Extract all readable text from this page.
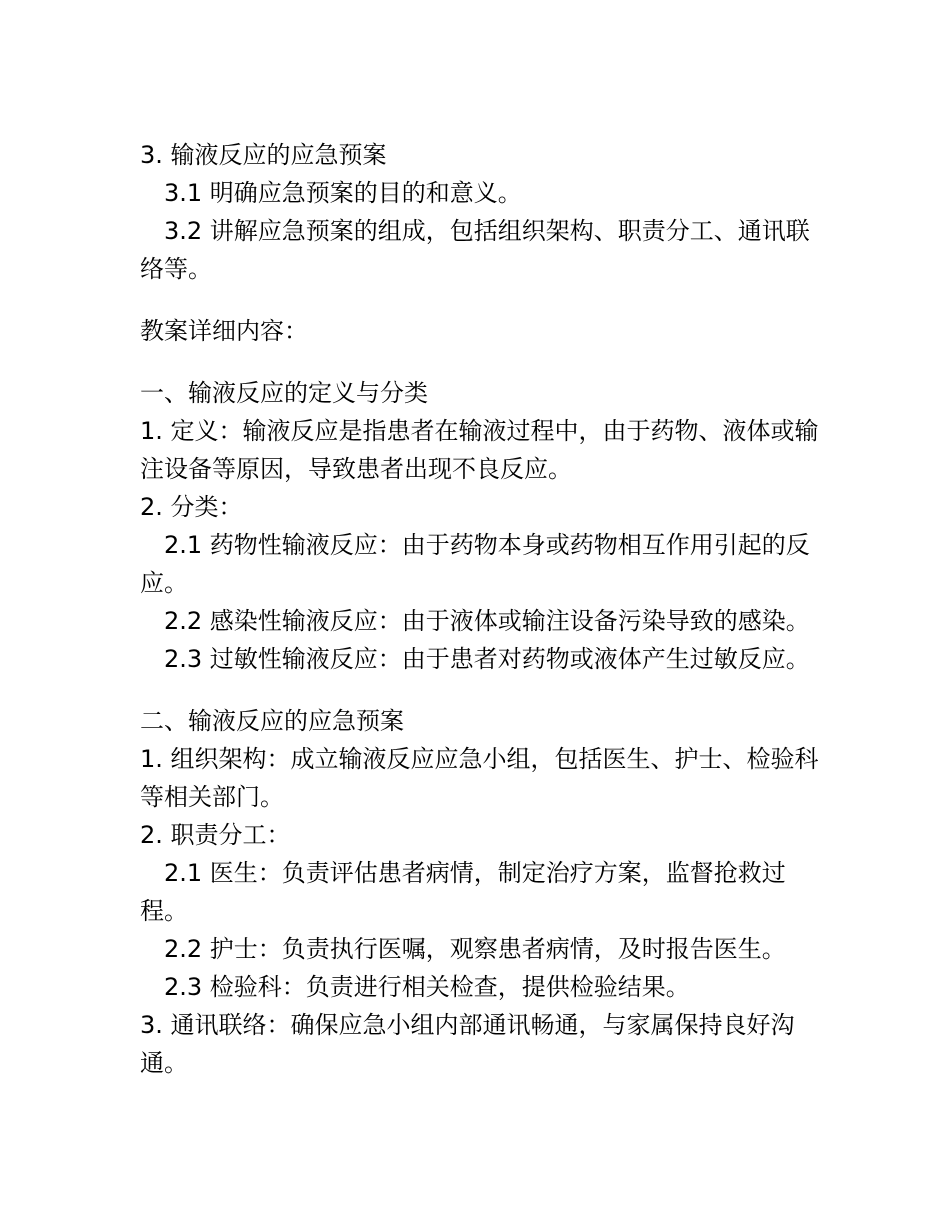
3. 输液反应的应急预案

3.1 明确应急预案的目的和意义。

3.2 讲解应急预案的组成，包括组织架构、职责分工、通讯联络等。

教案详细内容：

一、输液反应的定义与分类

1. 定义：输液反应是指患者在输液过程中，由于药物、液体或输注设备等原因，导致患者出现不良反应。

2. 分类：

2.1 药物性输液反应：由于药物本身或药物相互作用引起的反应。

2.2 感染性输液反应：由于液体或输注设备污染导致的感染。

2.3 过敏性输液反应：由于患者对药物或液体产生过敏反应。

二、输液反应的应急预案

1. 组织架构：成立输液反应应急小组，包括医生、护士、检验科等相关部门。

2. 职责分工：

2.1 医生：负责评估患者病情，制定治疗方案，监督抢救过程。

2.2 护士：负责执行医嘱，观察患者病情，及时报告医生。

2.3 检验科：负责进行相关检查，提供检验结果。

3. 通讯联络：确保应急小组内部通讯畅通，与家属保持良好沟通。
